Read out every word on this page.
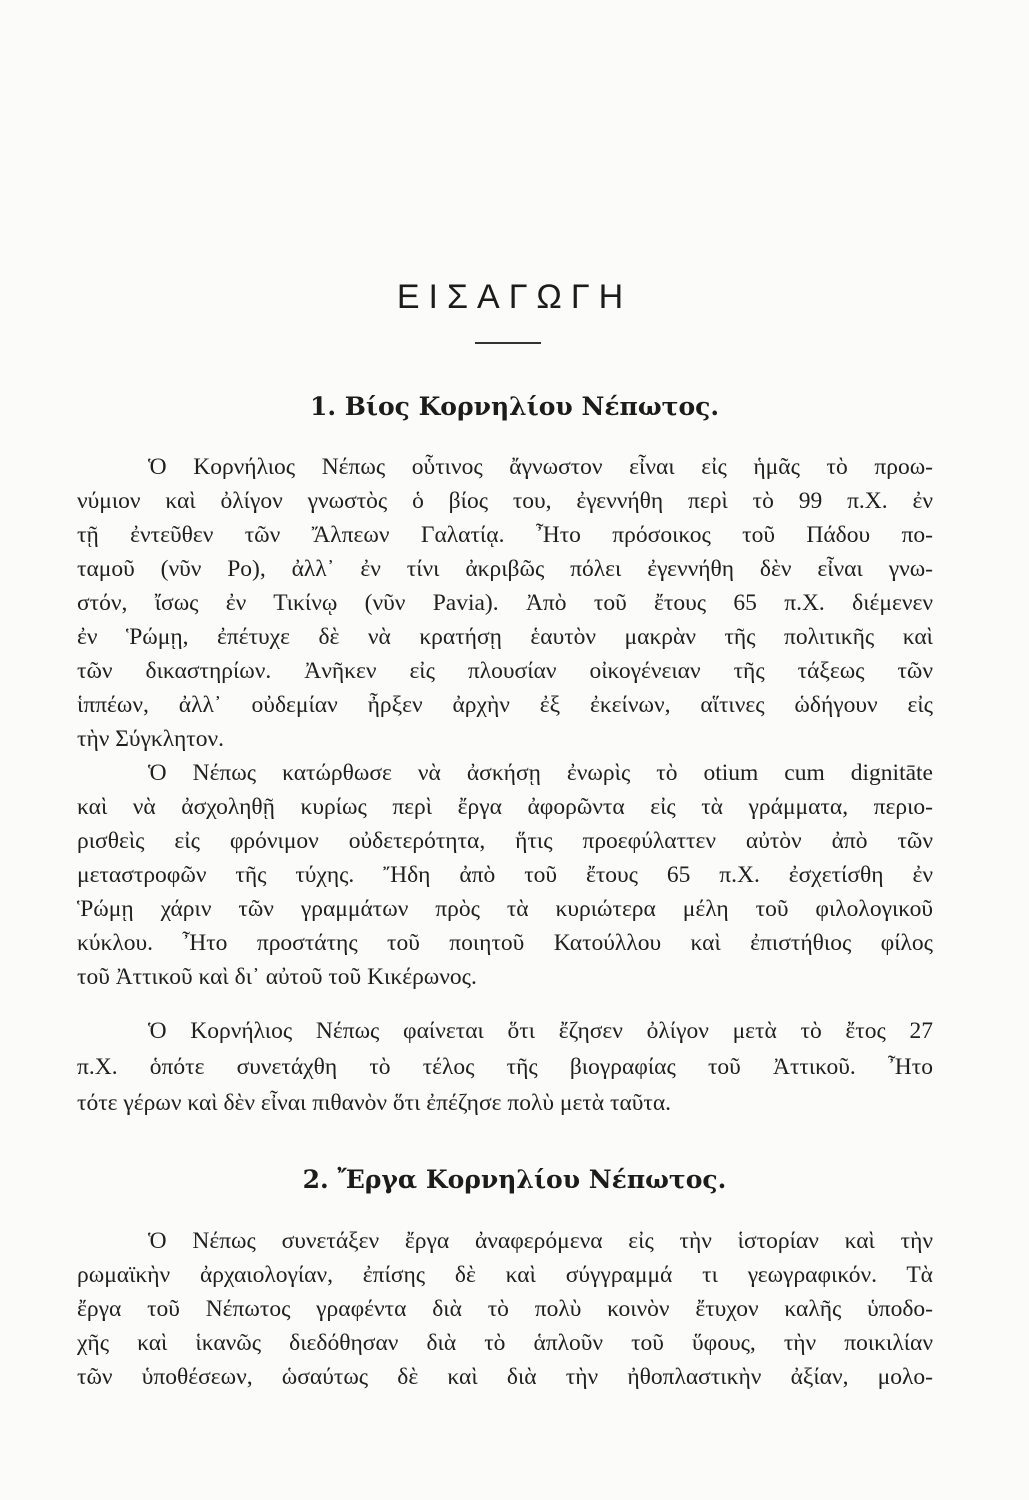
ΕΙΣΑΓΩΓΗ
1. Βίος Κορνηλίου Νέπωτος.
Ὁ Κορνήλιος Νέπως οὗτινος ἄγνωστον εἶναι εἰς ἡμᾶς τὸ προω-
νύμιον καὶ ὀλίγον γνωστὸς ὁ βίος του, ἐγεννήθη περὶ τὸ 99 π.Χ. ἐν
τῇ ἐντεῦθεν τῶν Ἄλπεων Γαλατίᾳ. Ἦτο πρόσοικος τοῦ Πάδου πο-
ταμοῦ (νῦν Po), ἀλλ᾽ ἐν τίνι ἀκριβῶς πόλει ἐγεννήθη δὲν εἶναι γνω-
στόν, ἴσως ἐν Τικίνῳ (νῦν Pavia). Ἀπὸ τοῦ ἔτους 65 π.Χ. διέμενεν
ἐν Ῥώμῃ, ἐπέτυχε δὲ νὰ κρατήσῃ ἑαυτὸν μακρὰν τῆς πολιτικῆς καὶ
τῶν δικαστηρίων. Ἀνῆκεν εἰς πλουσίαν οἰκογένειαν τῆς τάξεως τῶν
ἱππέων, ἀλλ᾽ οὐδεμίαν ἦρξεν ἀρχὴν ἐξ ἐκείνων, αἵτινες ὡδήγουν εἰς
τὴν Σύγκλητον.
Ὁ Νέπως κατώρθωσε νὰ ἀσκήσῃ ἐνωρὶς τὸ otium cum dignitāte
καὶ νὰ ἀσχοληθῇ κυρίως περὶ ἔργα ἀφορῶντα εἰς τὰ γράμματα, περιο-
ρισθεὶς εἰς φρόνιμον οὐδετερότητα, ἥτις προεφύλαττεν αὐτὸν ἀπὸ τῶν
μεταστροφῶν τῆς τύχης. Ἤδη ἀπὸ τοῦ ἔτους 65 π.Χ. ἐσχετίσθη ἐν
Ῥώμῃ χάριν τῶν γραμμάτων πρὸς τὰ κυριώτερα μέλη τοῦ φιλολογικοῦ
κύκλου. Ἦτο προστάτης τοῦ ποιητοῦ Κατούλλου καὶ ἐπιστήθιος φίλος
τοῦ Ἀττικοῦ καὶ δι᾽ αὐτοῦ τοῦ Κικέρωνος.
Ὁ Κορνήλιος Νέπως φαίνεται ὅτι ἔζησεν ὀλίγον μετὰ τὸ ἔτος 27
π.Χ. ὁπότε συνετάχθη τὸ τέλος τῆς βιογραφίας τοῦ Ἀττικοῦ. Ἦτο
τότε γέρων καὶ δὲν εἶναι πιθανὸν ὅτι ἐπέζησε πολὺ μετὰ ταῦτα.
2. Ἔργα Κορνηλίου Νέπωτος.
Ὁ Νέπως συνετάξεν ἔργα ἀναφερόμενα εἰς τὴν ἱστορίαν καὶ τὴν
ρωμαϊκὴν ἀρχαιολογίαν, ἐπίσης δὲ καὶ σύγγραμμά τι γεωγραφικόν. Τὰ
ἔργα τοῦ Νέπωτος γραφέντα διὰ τὸ πολὺ κοινὸν ἔτυχον καλῆς ὑποδο-
χῆς καὶ ἱκανῶς διεδόθησαν διὰ τὸ ἁπλοῦν τοῦ ὕφους, τὴν ποικιλίαν
τῶν ὑποθέσεων, ὡσαύτως δὲ καὶ διὰ τὴν ἠθοπλαστικὴν ἀξίαν, μολο-
